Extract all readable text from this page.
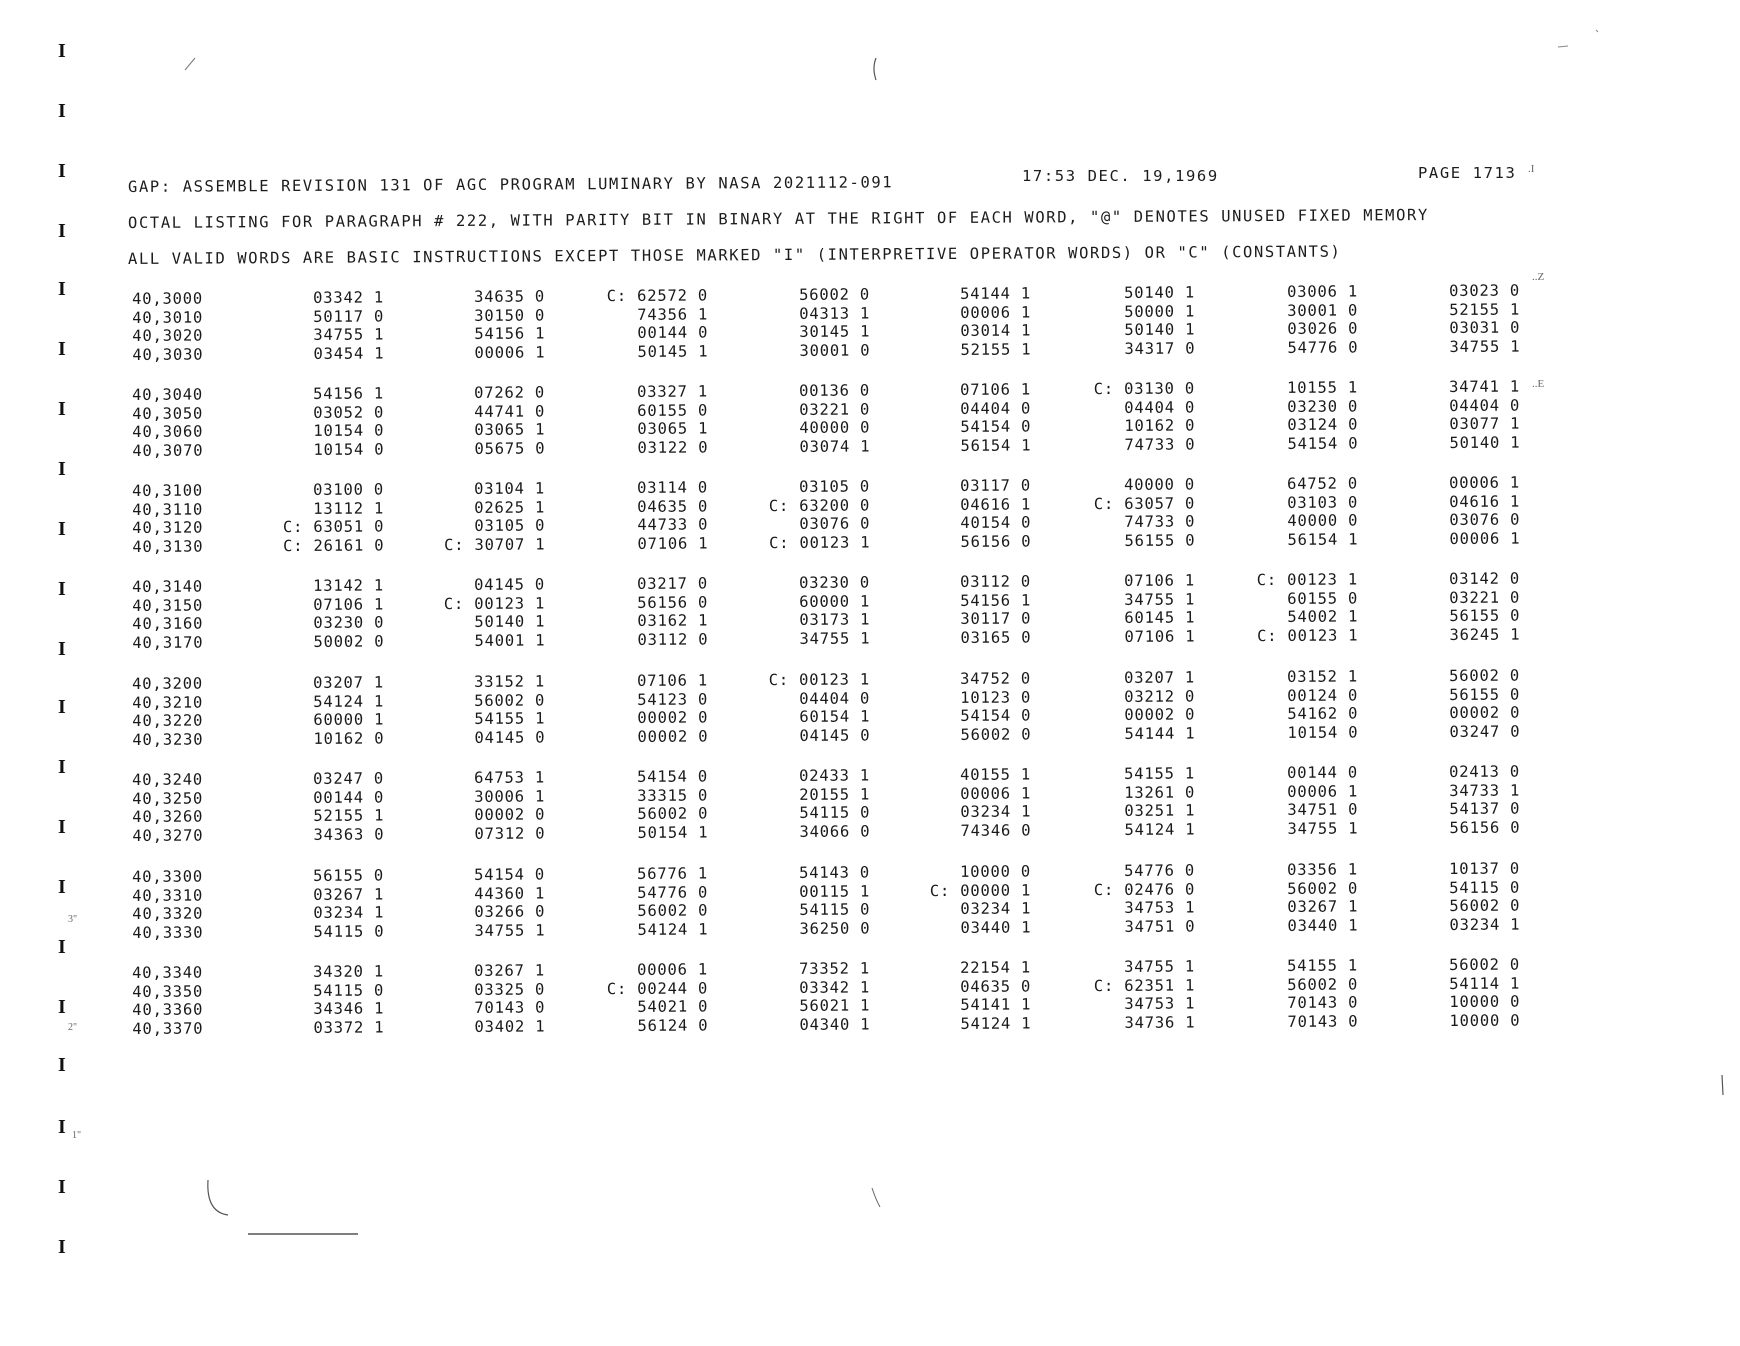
I
I
I
I
I
I
I
I
I
I
I
I
I
I
I
I
I
I
I
I
I
.I
..Z
..E
3"
2"
1"
GAP: ASSEMBLE REVISION 131 OF AGC PROGRAM LUMINARY BY NASA 2021112-091	17:53 DEC. 19,1969	PAGE 1713
OCTAL LISTING FOR PARAGRAPH # 222, WITH PARITY BIT IN BINARY AT THE RIGHT OF EACH WORD, "@" DENOTES UNUSED FIXED MEMORY
ALL VALID WORDS ARE BASIC INSTRUCTIONS EXCEPT THOSE MARKED "I" (INTERPRETIVE OPERATOR WORDS) OR "C" (CONSTANTS)
40,3000	03342 1	34635 0	C: 62572 0	56002 0	54144 1	50140 1	03006 1	03023 0
40,3010	50117 0	30150 0	74356 1	04313 1	00006 1	50000 1	30001 0	52155 1
40,3020	34755 1	54156 1	00144 0	30145 1	03014 1	50140 1	03026 0	03031 0
40,3030	03454 1	00006 1	50145 1	30001 0	52155 1	34317 0	54776 0	34755 1
40,3040	54156 1	07262 0	03327 1	00136 0	07106 1	C: 03130 0	10155 1	34741 1
40,3050	03052 0	44741 0	60155 0	03221 0	04404 0	04404 0	03230 0	04404 0
40,3060	10154 0	03065 1	03065 1	40000 0	54154 0	10162 0	03124 0	03077 1
40,3070	10154 0	05675 0	03122 0	03074 1	56154 1	74733 0	54154 0	50140 1
40,3100	03100 0	03104 1	03114 0	03105 0	03117 0	40000 0	64752 0	00006 1
40,3110	13112 1	02625 1	04635 0	C: 63200 0	04616 1	C: 63057 0	03103 0	04616 1
40,3120	C: 63051 0	03105 0	44733 0	03076 0	40154 0	74733 0	40000 0	03076 0
40,3130	C: 26161 0	C: 30707 1	07106 1	C: 00123 1	56156 0	56155 0	56154 1	00006 1
40,3140	13142 1	04145 0	03217 0	03230 0	03112 0	07106 1	C: 00123 1	03142 0
40,3150	07106 1	C: 00123 1	56156 0	60000 1	54156 1	34755 1	60155 0	03221 0
40,3160	03230 0	50140 1	03162 1	03173 1	30117 0	60145 1	54002 1	56155 0
40,3170	50002 0	54001 1	03112 0	34755 1	03165 0	07106 1	C: 00123 1	36245 1
40,3200	03207 1	33152 1	07106 1	C: 00123 1	34752 0	03207 1	03152 1	56002 0
40,3210	54124 1	56002 0	54123 0	04404 0	10123 0	03212 0	00124 0	56155 0
40,3220	60000 1	54155 1	00002 0	60154 1	54154 0	00002 0	54162 0	00002 0
40,3230	10162 0	04145 0	00002 0	04145 0	56002 0	54144 1	10154 0	03247 0
40,3240	03247 0	64753 1	54154 0	02433 1	40155 1	54155 1	00144 0	02413 0
40,3250	00144 0	30006 1	33315 0	20155 1	00006 1	13261 0	00006 1	34733 1
40,3260	52155 1	00002 0	56002 0	54115 0	03234 1	03251 1	34751 0	54137 0
40,3270	34363 0	07312 0	50154 1	34066 0	74346 0	54124 1	34755 1	56156 0
40,3300	56155 0	54154 0	56776 1	54143 0	10000 0	54776 0	03356 1	10137 0
40,3310	03267 1	44360 1	54776 0	00115 1	C: 00000 1	C: 02476 0	56002 0	54115 0
40,3320	03234 1	03266 0	56002 0	54115 0	03234 1	34753 1	03267 1	56002 0
40,3330	54115 0	34755 1	54124 1	36250 0	03440 1	34751 0	03440 1	03234 1
40,3340	34320 1	03267 1	00006 1	73352 1	22154 1	34755 1	54155 1	56002 0
40,3350	54115 0	03325 0	C: 00244 0	03342 1	04635 0	C: 62351 1	56002 0	54114 1
40,3360	34346 1	70143 0	54021 0	56021 1	54141 1	34753 1	70143 0	10000 0
40,3370	03372 1	03402 1	56124 0	04340 1	54124 1	34736 1	70143 0	10000 0
